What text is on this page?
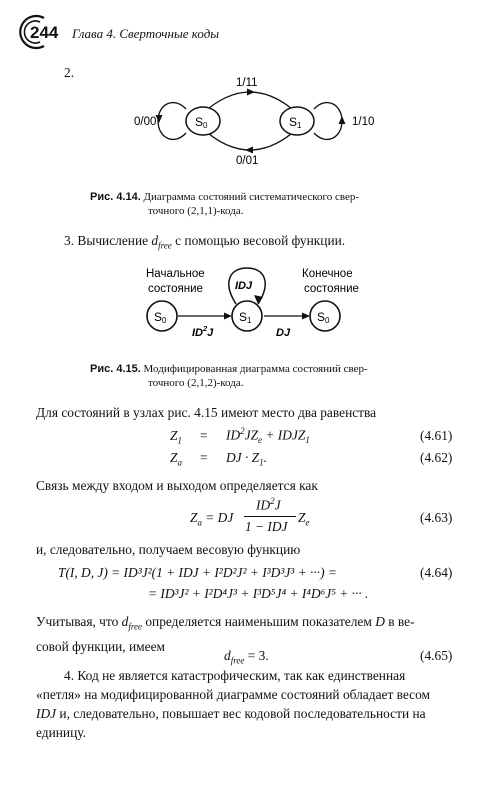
244 Глава 4. Сверточные коды
2.
S0	S1
0/00
1/11
0/01
1/10
Рис. 4.14. Диаграмма состояний систематического свер-
точного (2,1,1)-кода.
3. Вычисление $d_{free}$ с помощью весовой функции.
Начальное
состояние
Конечное
состояние
IDJ
S0	S1	S0
$ID^2J$	DJ
Рис. 4.15. Модифицированная диаграмма состояний свер-
точного (2,1,2)-кода.
Для состояний в узлах рис. 4.15 имеют место два равенства
$Z_1 = ID^2JZ_e$ + $IDJZ_1$	(4.61)
$Z_a$ = DJ · $Z_1$.	(4.62)
Связь между входом и выходом определяется как
$Z_a$ = DJ
$ID^2J$
1 − IDJ
$Z_e$	(4.63)
и, следовательно, получаем весовую функцию
T(I, D, J) = ID³J²(1 + IDJ + I²D²J² + I³D³J³ + ···) =	(4.64)
= ID³J² + I²D⁴J³ + I³D⁵J⁴ + I⁴D⁶J⁵ + ··· .
Учитывая, что $d_{free}$ определяется наименьшим показателем D в ве-
совой функции, имеем
$d_{free} = 3$.	(4.65)
4. Код не является катастрофическим, так как единственная
«петля» на модифицированной диаграмме состояний обладает весом
IDJ и, следовательно, повышает вес кодовой последовательности на
единицу.
